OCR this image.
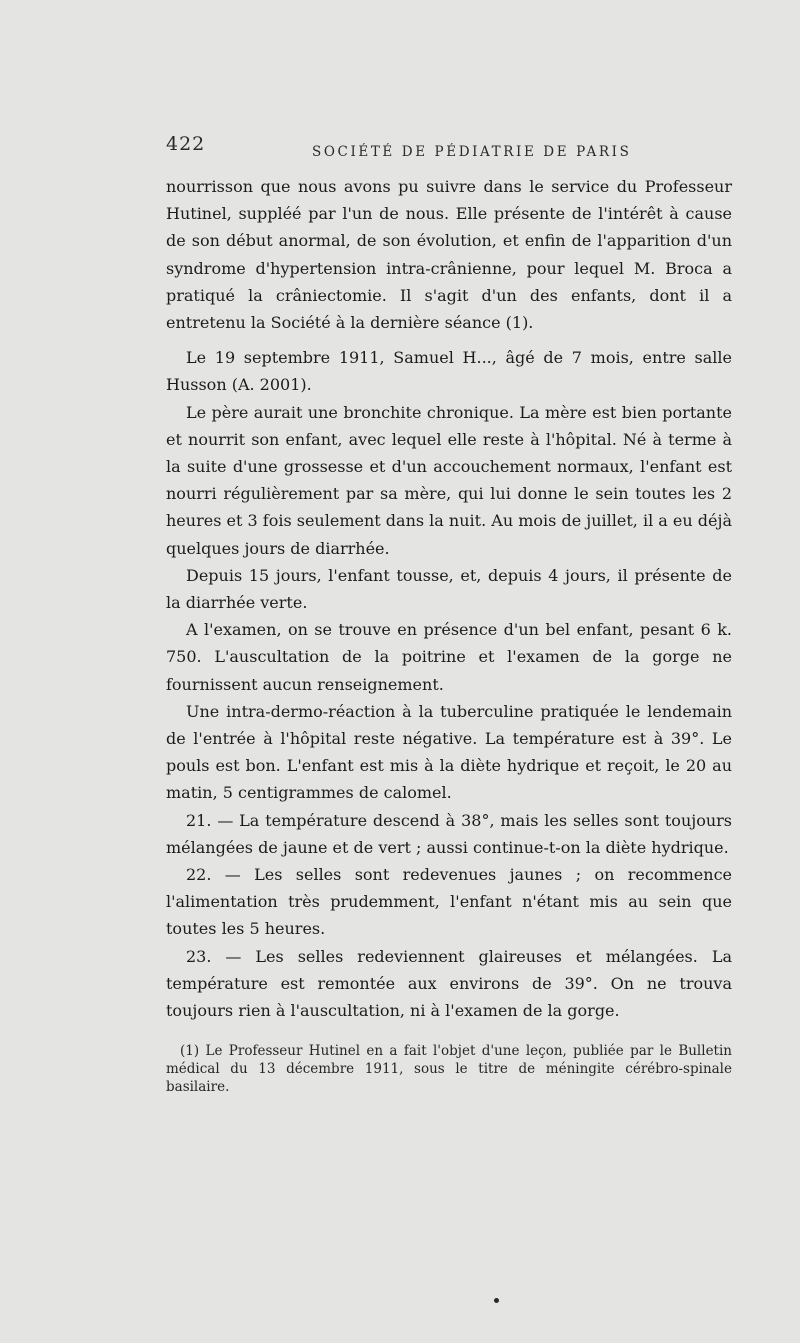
422	SOCIÉTÉ DE PÉDIATRIE DE PARIS

nourrisson que nous avons pu suivre dans le service du Professeur Hutinel, suppléé par l'un de nous. Elle présente de l'intérêt à cause de son début anormal, de son évolution, et enfin de l'apparition d'un syndrome d'hypertension intra-crânienne, pour lequel M. Broca a pratiqué la crâniectomie. Il s'agit d'un des enfants, dont il a entretenu la Société à la dernière séance (1).

Le 19 septembre 1911, Samuel H..., âgé de 7 mois, entre salle Husson (A. 2001).

Le père aurait une bronchite chronique. La mère est bien portante et nourrit son enfant, avec lequel elle reste à l'hôpital. Né à terme à la suite d'une grossesse et d'un accouchement normaux, l'enfant est nourri régulièrement par sa mère, qui lui donne le sein toutes les 2 heures et 3 fois seulement dans la nuit. Au mois de juillet, il a eu déjà quelques jours de diarrhée.

Depuis 15 jours, l'enfant tousse, et, depuis 4 jours, il présente de la diarrhée verte.

A l'examen, on se trouve en présence d'un bel enfant, pesant 6 k. 750. L'auscultation de la poitrine et l'examen de la gorge ne fournissent aucun renseignement.

Une intra-dermo-réaction à la tuberculine pratiquée le lendemain de l'entrée à l'hôpital reste négative. La température est à 39°. Le pouls est bon. L'enfant est mis à la diète hydrique et reçoit, le 20 au matin, 5 centigrammes de calomel.

21. — La température descend à 38°, mais les selles sont toujours mélangées de jaune et de vert ; aussi continue-t-on la diète hydrique.

22. — Les selles sont redevenues jaunes ; on recommence l'alimentation très prudemment, l'enfant n'étant mis au sein que toutes les 5 heures.

23. — Les selles redeviennent glaireuses et mélangées. La température est remontée aux environs de 39°. On ne trouva toujours rien à l'auscultation, ni à l'examen de la gorge.

(1) Le Professeur Hutinel en a fait l'objet d'une leçon, publiée par le Bulletin médical du 13 décembre 1911, sous le titre de méningite cérébro-spinale basilaire.
